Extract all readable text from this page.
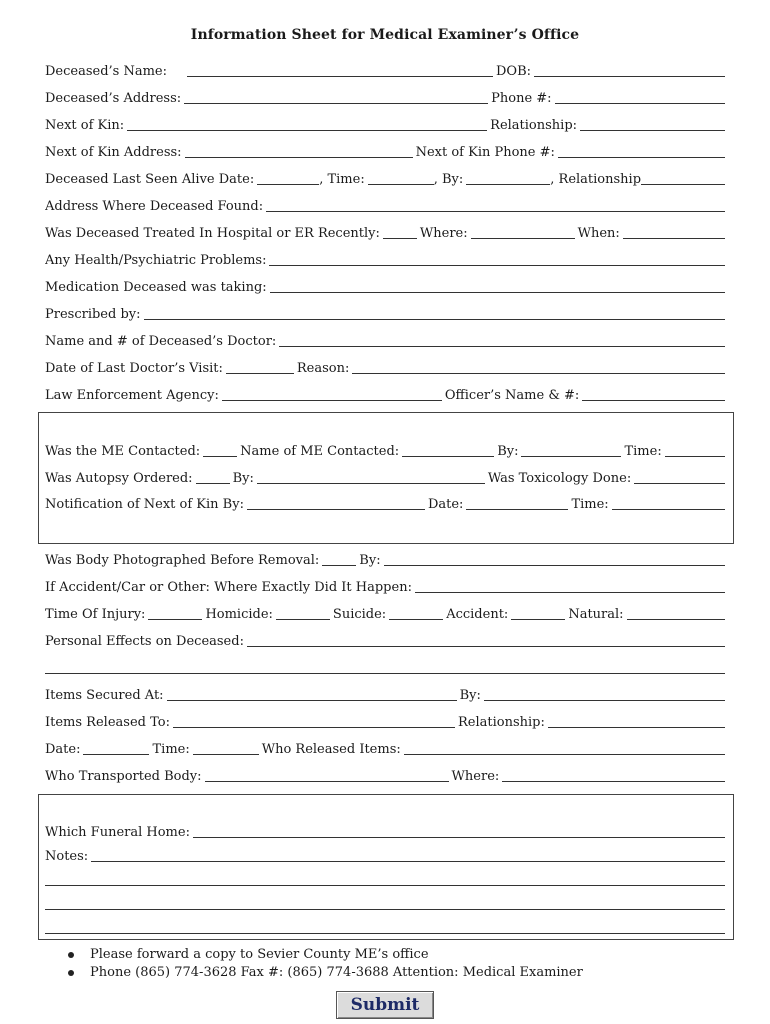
Information Sheet for Medical Examiner’s Office
Deceased’s Name:	DOB:
Deceased’s Address:	Phone #:
Next of Kin:	Relationship:
Next of Kin Address:	Next of Kin Phone #:
Deceased Last Seen Alive Date:	, Time:	, By:	, Relationship
Address Where Deceased Found:
Was Deceased Treated In Hospital or ER Recently:	Where:	When:
Any Health/Psychiatric Problems:
Medication Deceased was taking:
Prescribed by:
Name and # of Deceased’s Doctor:
Date of Last Doctor’s Visit:	Reason:
Law Enforcement Agency:	Officer’s Name & #:
Was the ME Contacted:	Name of ME Contacted:	By:	Time:
Was Autopsy Ordered:	By:	Was Toxicology Done:
Notification of Next of Kin By:	Date:	Time:
Was Body Photographed Before Removal:	By:
If Accident/Car or Other: Where Exactly Did It Happen:
Time Of Injury:	Homicide:	Suicide:	Accident:	Natural:
Personal Effects on Deceased:
Items Secured At:	By:
Items Released To:	Relationship:
Date:	Time:	Who Released Items:
Who Transported Body:	Where:
Which Funeral Home:
Notes:
Please forward a copy to Sevier County ME’s office
Phone (865) 774-3628 Fax #: (865) 774-3688 Attention: Medical Examiner
Submit
